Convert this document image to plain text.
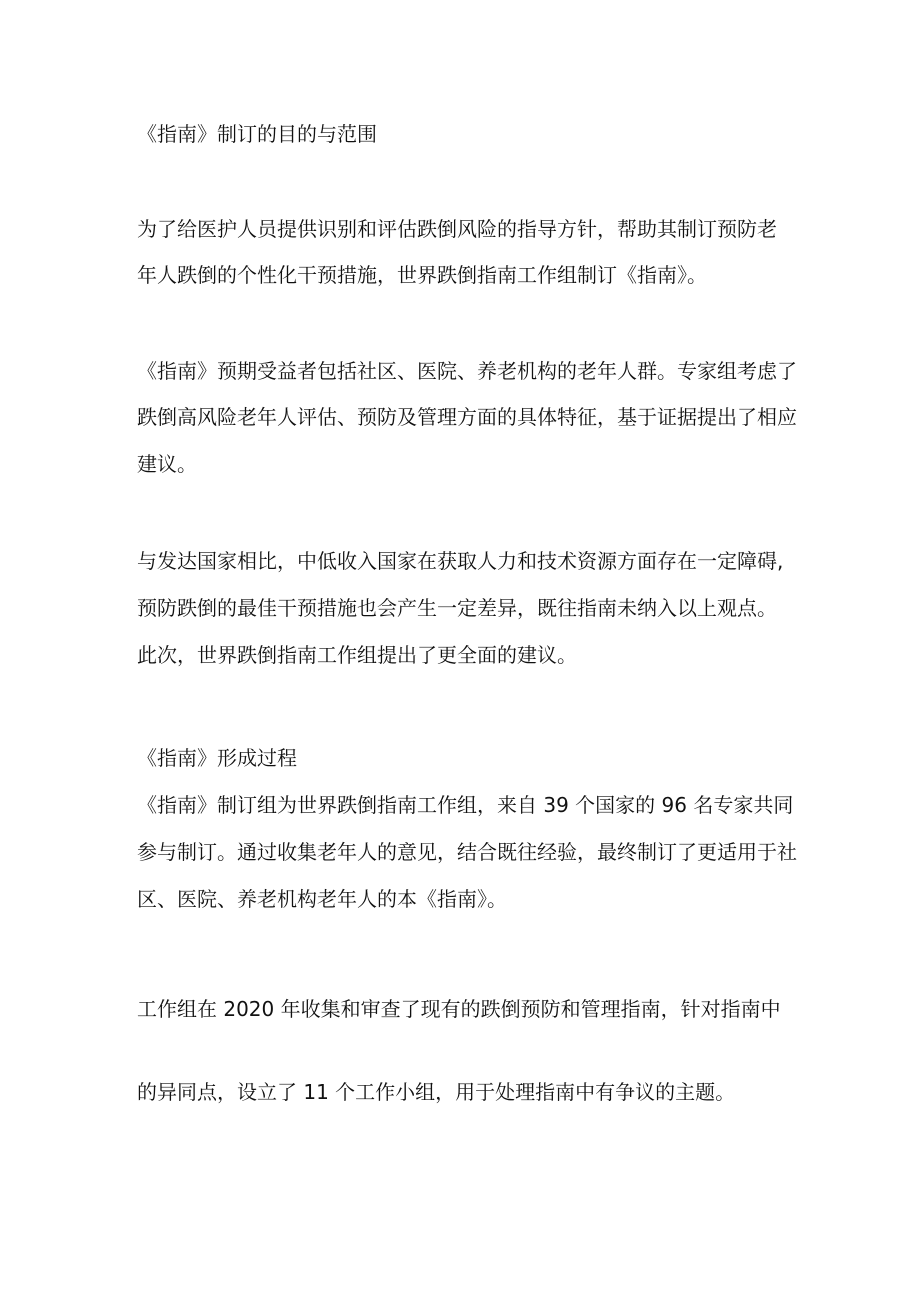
《指南》制订的目的与范围
为了给医护人员提供识别和评估跌倒风险的指导方针，帮助其制订预防老
年人跌倒的个性化干预措施，世界跌倒指南工作组制订《指南》。
《指南》预期受益者包括社区、医院、养老机构的老年人群。专家组考虑了
跌倒高风险老年人评估、预防及管理方面的具体特征，基于证据提出了相应
建议。
与发达国家相比，中低收入国家在获取人力和技术资源方面存在一定障碍,
预防跌倒的最佳干预措施也会产生一定差异，既往指南未纳入以上观点。
此次，世界跌倒指南工作组提出了更全面的建议。
《指南》形成过程
《指南》制订组为世界跌倒指南工作组，来自 39 个国家的 96 名专家共同
参与制订。通过收集老年人的意见，结合既往经验，最终制订了更适用于社
区、医院、养老机构老年人的本《指南》。
工作组在 2020 年收集和审查了现有的跌倒预防和管理指南，针对指南中
的异同点，设立了 11 个工作小组，用于处理指南中有争议的主题。
